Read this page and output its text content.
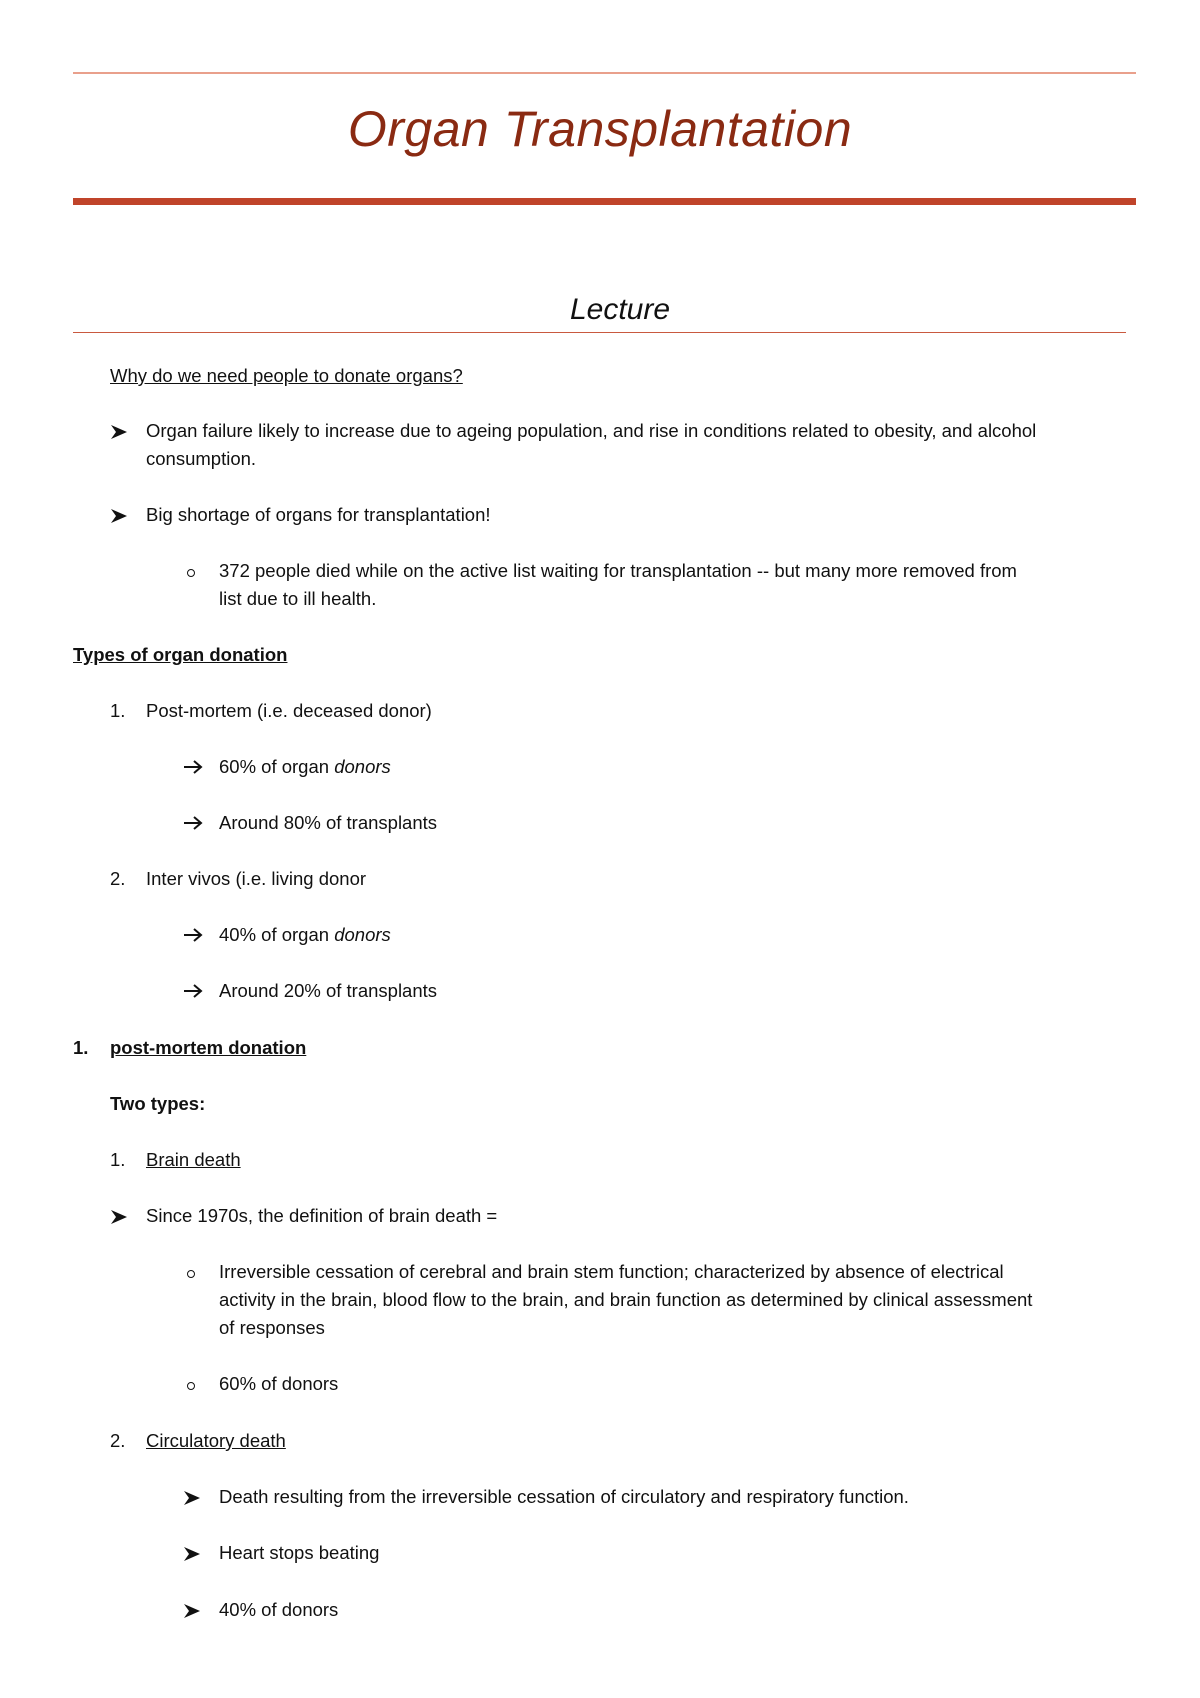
Organ Transplantation
Lecture
Why do we need people to donate organs?
Organ failure likely to increase due to ageing population, and rise in conditions related to obesity, and alcohol
consumption.
Big shortage of organs for transplantation!
372 people died while on the active list waiting for transplantation -- but many more removed from
list due to ill health.
Types of organ donation
1. Post-mortem (i.e. deceased donor)
60% of organ donors
Around 80% of transplants
2. Inter vivos (i.e. living donor
40% of organ donors
Around 20% of transplants
1. post-mortem donation
Two types:
1. Brain death
Since 1970s, the definition of brain death =
Irreversible cessation of cerebral and brain stem function; characterized by absence of electrical
activity in the brain, blood flow to the brain, and brain function as determined by clinical assessment
of responses
60% of donors
2. Circulatory death
Death resulting from the irreversible cessation of circulatory and respiratory function.
Heart stops beating
40% of donors
